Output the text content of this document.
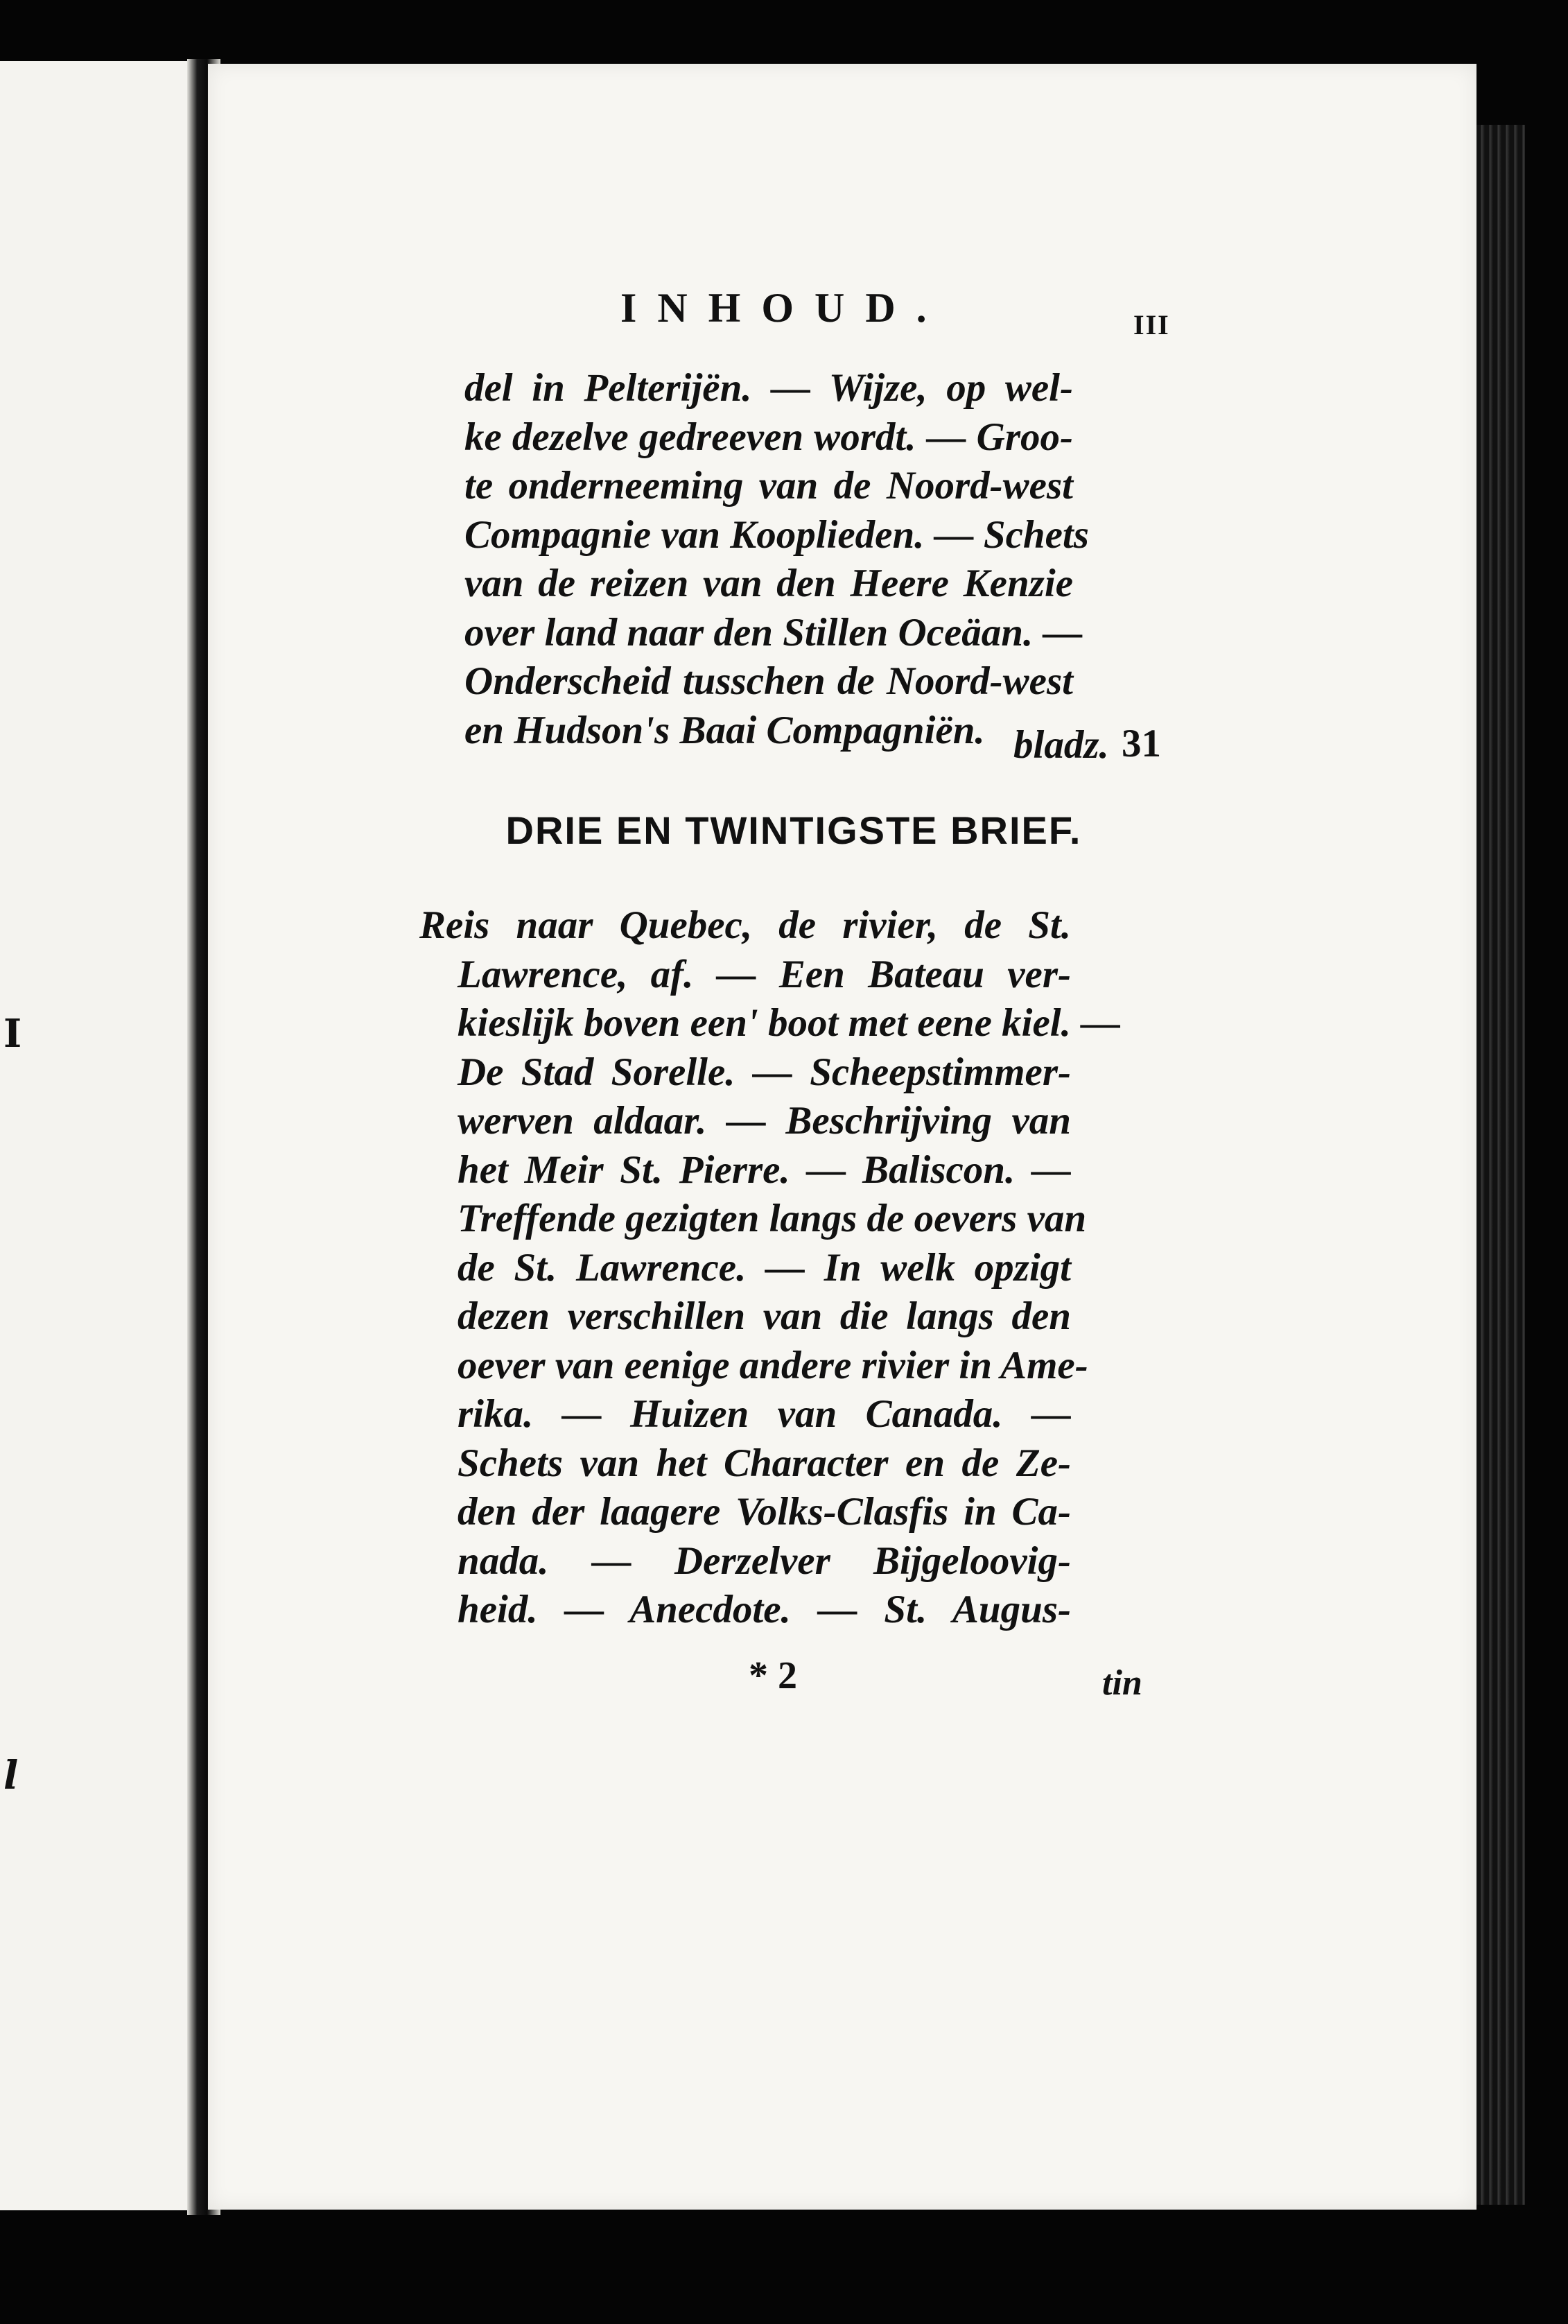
I
l
INHOUD.	III
del in Pelterijën. — Wijze, op wel-
ke dezelve gedreeven wordt. — Groo-
te onderneeming van de Noord-west
Compagnie van Kooplieden. — Schets
van de reizen van den Heere Kenzie
over land naar den Stillen Oceäan. —
Onderscheid tusschen de Noord-west
en Hudson's Baai Compagniën. bladz. 31
DRIE EN TWINTIGSTE BRIEF.
Reis naar Quebec, de rivier, de St.
Lawrence, af. — Een Bateau ver-
kieslijk boven een' boot met eene kiel. —
De Stad Sorelle. — Scheepstimmer-
werven aldaar. — Beschrijving van
het Meir St. Pierre. — Baliscon. —
Treffende gezigten langs de oevers van
de St. Lawrence. — In welk opzigt
dezen verschillen van die langs den
oever van eenige andere rivier in Ame-
rika. — Huizen van Canada. —
Schets van het Character en de Ze-
den der laagere Volks-Clasfis in Ca-
nada. — Derzelver Bijgeloovig-
heid. — Anecdote. — St. Augus-
* 2	tin
